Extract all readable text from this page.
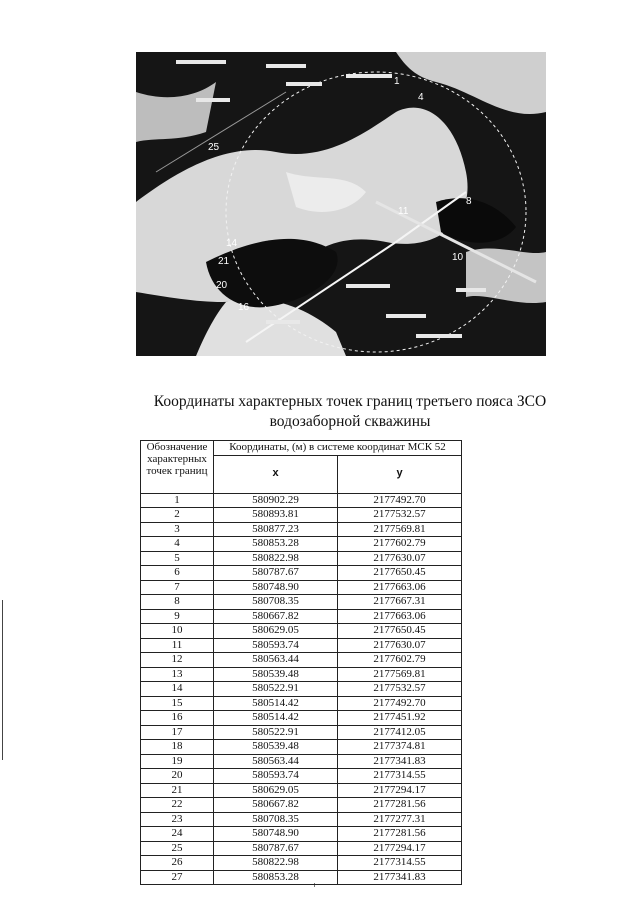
1
4
8
10
11
14
16
20
21
25
Координаты характерных точек границ третьего пояса ЗСО водозаборной скважины
Обозначение характерных точек границ	Координаты, (м) в системе координат МСК 52	
	x	y
1	580902.29	2177492.70
2	580893.81	2177532.57
3	580877.23	2177569.81
4	580853.28	2177602.79
5	580822.98	2177630.07
6	580787.67	2177650.45
7	580748.90	2177663.06
8	580708.35	2177667.31
9	580667.82	2177663.06
10	580629.05	2177650.45
11	580593.74	2177630.07
12	580563.44	2177602.79
13	580539.48	2177569.81
14	580522.91	2177532.57
15	580514.42	2177492.70
16	580514.42	2177451.92
17	580522.91	2177412.05
18	580539.48	2177374.81
19	580563.44	2177341.83
20	580593.74	2177314.55
21	580629.05	2177294.17
22	580667.82	2177281.56
23	580708.35	2177277.31
24	580748.90	2177281.56
25	580787.67	2177294.17
26	580822.98	2177314.55
27	580853.28	2177341.83
